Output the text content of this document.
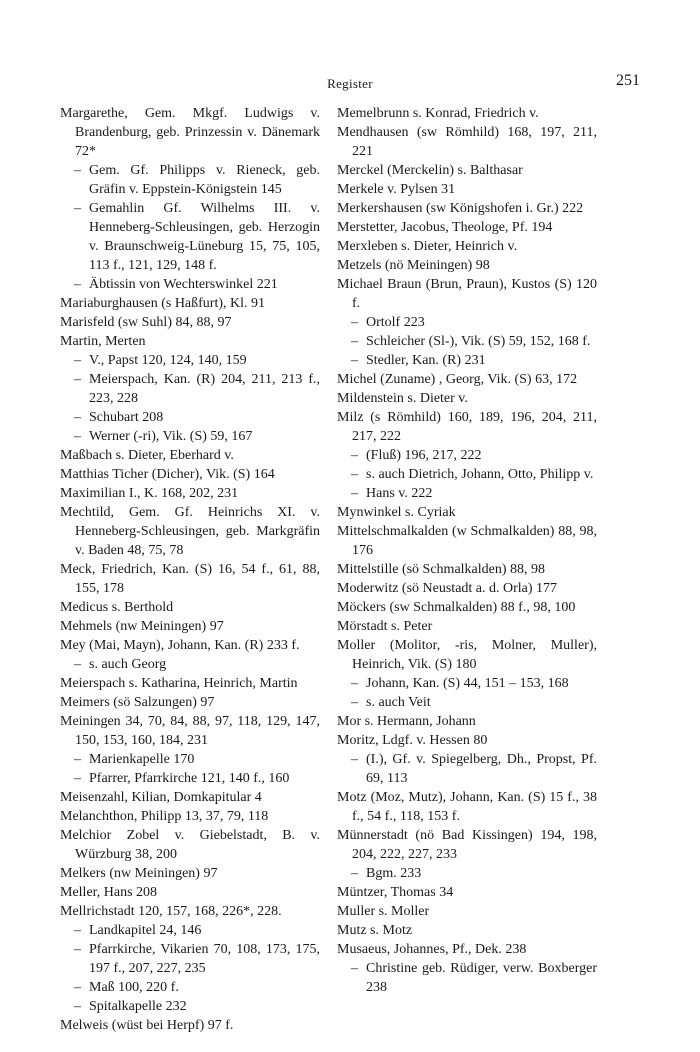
Register	251

Margarethe, Gem. Mkgf. Ludwigs v. Brandenburg, geb. Prinzessin v. Dänemark 72*

– Gem. Gf. Philipps v. Rieneck, geb. Gräfin v. Eppstein-Königstein 145

– Gemahlin Gf. Wilhelms III. v. Henneberg-Schleusingen, geb. Herzogin v. Braunschweig-Lüneburg 15, 75, 105, 113 f., 121, 129, 148 f.

– Äbtissin von Wechterswinkel 221

Mariaburghausen (s Haßfurt), Kl. 91

Marisfeld (sw Suhl) 84, 88, 97

Martin, Merten

– V., Papst 120, 124, 140, 159

– Meierspach, Kan. (R) 204, 211, 213 f., 223, 228

– Schubart 208

– Werner (-ri), Vik. (S) 59, 167

Maßbach s. Dieter, Eberhard v.

Matthias Ticher (Dicher), Vik. (S) 164

Maximilian I., K. 168, 202, 231

Mechtild, Gem. Gf. Heinrichs XI. v. Henneberg-Schleusingen, geb. Markgräfin v. Baden 48, 75, 78

Meck, Friedrich, Kan. (S) 16, 54 f., 61, 88, 155, 178

Medicus s. Berthold

Mehmels (nw Meiningen) 97

Mey (Mai, Mayn), Johann, Kan. (R) 233 f.

– s. auch Georg

Meierspach s. Katharina, Heinrich, Martin

Meimers (sö Salzungen) 97

Meiningen 34, 70, 84, 88, 97, 118, 129, 147, 150, 153, 160, 184, 231

– Marienkapelle 170

– Pfarrer, Pfarrkirche 121, 140 f., 160

Meisenzahl, Kilian, Domkapitular 4

Melanchthon, Philipp 13, 37, 79, 118

Melchior Zobel v. Giebelstadt, B. v. Würzburg 38, 200

Melkers (nw Meiningen) 97

Meller, Hans 208

Mellrichstadt 120, 157, 168, 226*, 228.

– Landkapitel 24, 146

– Pfarrkirche, Vikarien 70, 108, 173, 175, 197 f., 207, 227, 235

– Maß 100, 220 f.

– Spitalkapelle 232

Melweis (wüst bei Herpf) 97 f.

Memelbrunn s. Konrad, Friedrich v.

Mendhausen (sw Römhild) 168, 197, 211, 221

Merckel (Merckelin) s. Balthasar

Merkele v. Pylsen 31

Merkershausen (sw Königshofen i. Gr.) 222

Merstetter, Jacobus, Theologe, Pf. 194

Merxleben s. Dieter, Heinrich v.

Metzels (nö Meiningen) 98

Michael Braun (Brun, Praun), Kustos (S) 120 f.

– Ortolf 223

– Schleicher (Sl-), Vik. (S) 59, 152, 168 f.

– Stedler, Kan. (R) 231

Michel (Zuname) , Georg, Vik. (S) 63, 172

Mildenstein s. Dieter v.

Milz (s Römhild) 160, 189, 196, 204, 211, 217, 222

– (Fluß) 196, 217, 222

– s. auch Dietrich, Johann, Otto, Philipp v.

– Hans v. 222

Mynwinkel s. Cyriak

Mittelschmalkalden (w Schmalkalden) 88, 98, 176

Mittelstille (sö Schmalkalden) 88, 98

Moderwitz (sö Neustadt a. d. Orla) 177

Möckers (sw Schmalkalden) 88 f., 98, 100

Mörstadt s. Peter

Moller (Molitor, -ris, Molner, Muller), Heinrich, Vik. (S) 180

– Johann, Kan. (S) 44, 151 – 153, 168

– s. auch Veit

Mor s. Hermann, Johann

Moritz, Ldgf. v. Hessen 80

– (I.), Gf. v. Spiegelberg, Dh., Propst, Pf. 69, 113

Motz (Moz, Mutz), Johann, Kan. (S) 15 f., 38 f., 54 f., 118, 153 f.

Münnerstadt (nö Bad Kissingen) 194, 198, 204, 222, 227, 233

– Bgm. 233

Müntzer, Thomas 34

Muller s. Moller

Mutz s. Motz

Musaeus, Johannes, Pf., Dek. 238

– Christine geb. Rüdiger, verw. Boxberger 238
